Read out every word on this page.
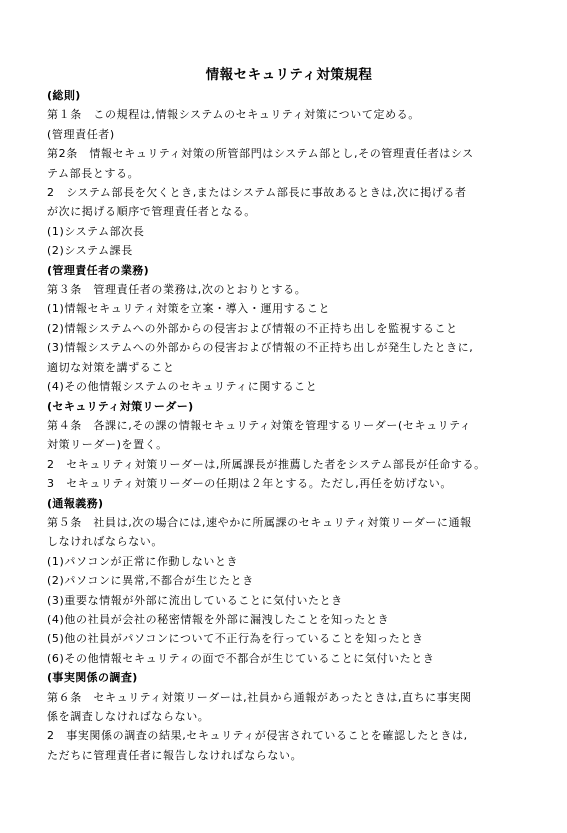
情報セキュリティ対策規程
(総則)
第１条　この規程は,情報システムのセキュリティ対策について定める。
(管理責任者)
第2条　情報セキュリティ対策の所管部門はシステム部とし,その管理責任者はシス
テム部長とする。
2　システム部長を欠くとき,またはシステム部長に事故あるときは,次に掲げる者
が次に掲げる順序で管理責任者となる。
(1)システム部次長
(2)システム課長
(管理責任者の業務)
第３条　管理責任者の業務は,次のとおりとする。
(1)情報セキュリティ対策を立案・導入・運用すること
(2)情報システムへの外部からの侵害および情報の不正持ち出しを監視すること
(3)情報システムへの外部からの侵害および情報の不正持ち出しが発生したときに,
適切な対策を講ずること
(4)その他情報システムのセキュリティに関すること
(セキュリティ対策リーダー)
第４条　各課に,その課の情報セキュリティ対策を管理するリーダー(セキュリティ
対策リーダー)を置く。
2　セキュリティ対策リーダーは,所属課長が推薦した者をシステム部長が任命する。
3　セキュリティ対策リーダーの任期は２年とする。ただし,再任を妨げない。
(通報義務)
第５条　社員は,次の場合には,速やかに所属課のセキュリティ対策リーダーに通報
しなければならない。
(1)パソコンが正常に作動しないとき
(2)パソコンに異常,不都合が生じたとき
(3)重要な情報が外部に流出していることに気付いたとき
(4)他の社員が会社の秘密情報を外部に漏洩したことを知ったとき
(5)他の社員がパソコンについて不正行為を行っていることを知ったとき
(6)その他情報セキュリティの面で不都合が生じていることに気付いたとき
(事実関係の調査)
第６条　セキュリティ対策リーダーは,社員から通報があったときは,直ちに事実関
係を調査しなければならない。
2　事実関係の調査の結果,セキュリティが侵害されていることを確認したときは,
ただちに管理責任者に報告しなければならない。
